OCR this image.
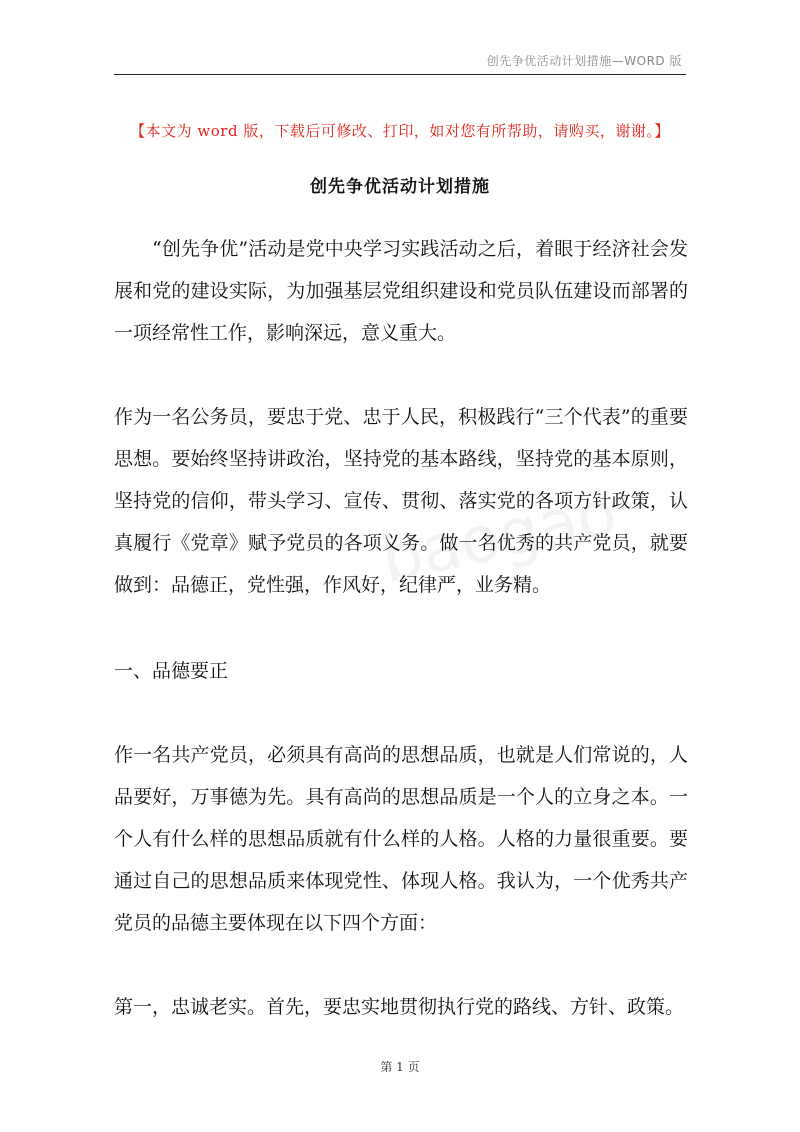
创先争优活动计划措施—WORD 版
【本文为 word 版，下载后可修改、打印，如对您有所帮助，请购买，谢谢。】
创先争优活动计划措施

“创先争优”活动是党中央学习实践活动之后，着眼于经济社会发展和党的建设实际，为加强基层党组织建设和党员队伍建设而部署的一项经常性工作，影响深远，意义重大。

作为一名公务员，要忠于党、忠于人民，积极践行“三个代表”的重要思想。要始终坚持讲政治，坚持党的基本路线，坚持党的基本原则，坚持党的信仰，带头学习、宣传、贯彻、落实党的各项方针政策，认真履行《党章》赋予党员的各项义务。做一名优秀的共产党员，就要做到：品德正，党性强，作风好，纪律严，业务精。

一、品德要正

作一名共产党员，必须具有高尚的思想品质，也就是人们常说的，人品要好，万事德为先。具有高尚的思想品质是一个人的立身之本。一个人有什么样的思想品质就有什么样的人格。人格的力量很重要。要通过自己的思想品质来体现党性、体现人格。我认为，一个优秀共产党员的品德主要体现在以下四个方面：

第一，忠诚老实。首先，要忠实地贯彻执行党的路线、方针、政策。

第 1 页
